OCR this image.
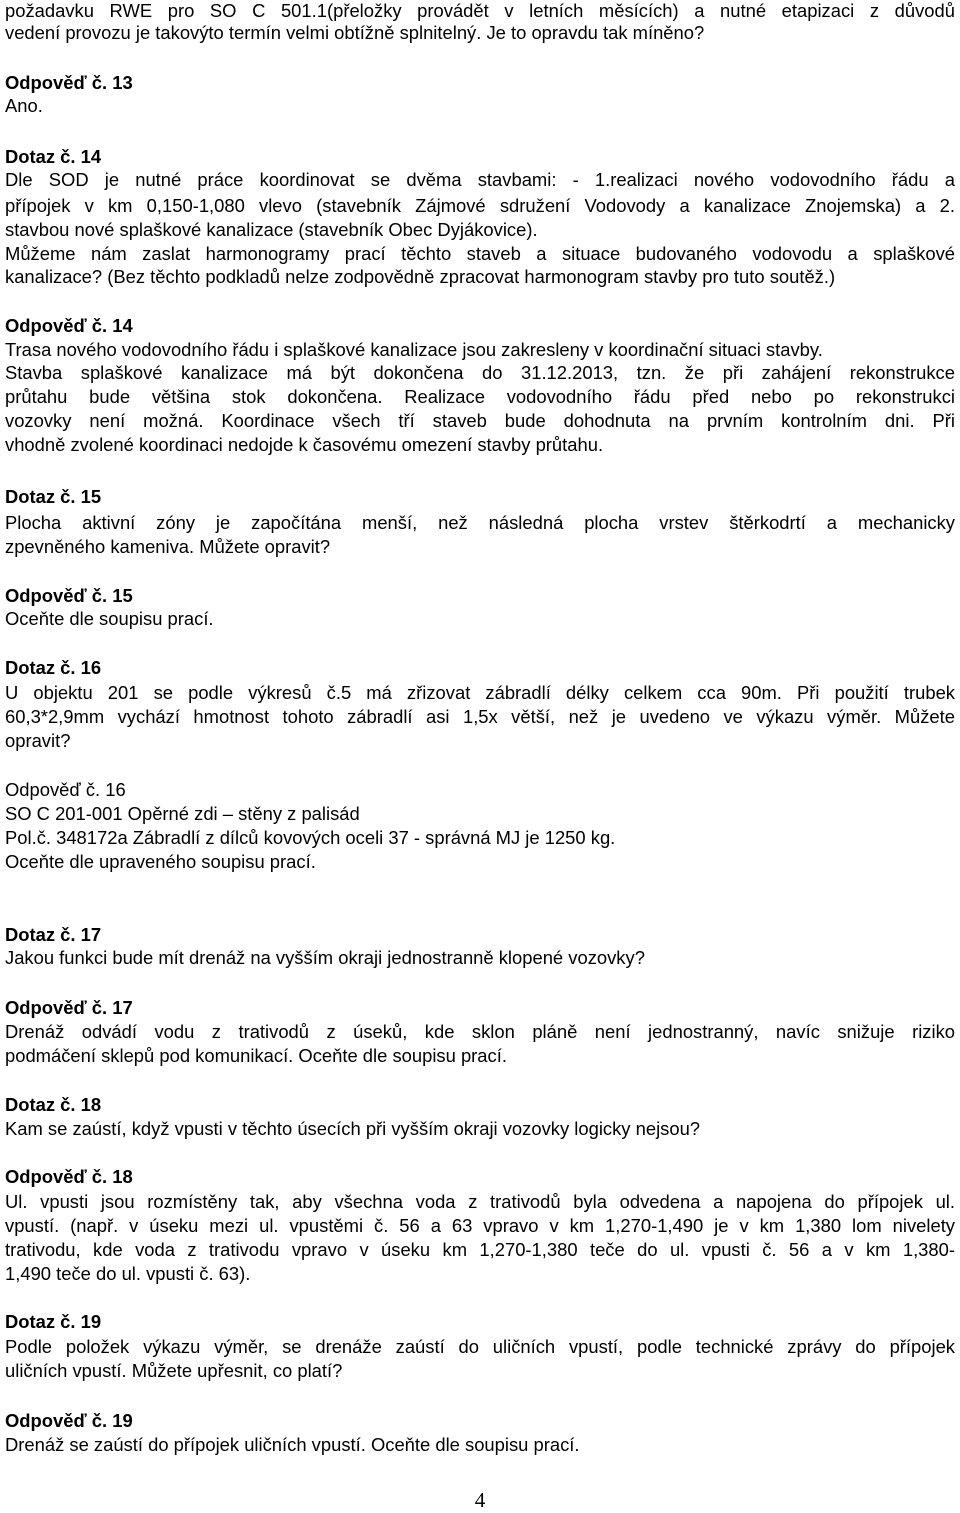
požadavku RWE pro SO C 501.1(přeložky provádět v letních měsících) a nutné etapizaci z důvodů
vedení provozu je takovýto termín velmi obtížně splnitelný. Je to opravdu tak míněno?
Odpověď č. 13
Ano.
Dotaz č. 14
Dle SOD je nutné práce koordinovat se dvěma stavbami: - 1.realizaci nového vodovodního řádu a
přípojek v km 0,150-1,080 vlevo (stavebník Zájmové sdružení Vodovody a kanalizace Znojemska) a 2.
stavbou nové splaškové kanalizace (stavebník Obec Dyjákovice).
Můžeme nám zaslat harmonogramy prací těchto staveb a situace budovaného vodovodu a splaškové
kanalizace? (Bez těchto podkladů nelze zodpovědně zpracovat harmonogram stavby pro tuto soutěž.)
Odpověď č. 14
Trasa nového vodovodního řádu i splaškové kanalizace jsou zakresleny v koordinační situaci stavby.
Stavba splaškové kanalizace má být dokončena do 31.12.2013, tzn. že při zahájení rekonstrukce
průtahu bude většina stok dokončena. Realizace vodovodního řádu před nebo po rekonstrukci
vozovky není možná. Koordinace všech tří staveb bude dohodnuta na prvním kontrolním dni. Při
vhodně zvolené koordinaci nedojde k časovému omezení stavby průtahu.
Dotaz č. 15
Plocha aktivní zóny je započítána menší, než následná plocha vrstev štěrkodrtí a mechanicky
zpevněného kameniva. Můžete opravit?
Odpověď č. 15
Oceňte dle soupisu prací.
Dotaz č. 16
U objektu 201 se podle výkresů č.5 má zřizovat zábradlí délky celkem cca 90m. Při použití trubek
60,3*2,9mm vychází hmotnost tohoto zábradlí asi 1,5x větší, než je uvedeno ve výkazu výměr. Můžete
opravit?
Odpověď č. 16
SO C 201-001 Opěrné zdi – stěny z palisád
Pol.č. 348172a Zábradlí z dílců kovových oceli 37 - správná MJ je 1250 kg.
Oceňte dle upraveného soupisu prací.
Dotaz č. 17
Jakou funkci bude mít drenáž na vyšším okraji jednostranně klopené vozovky?
Odpověď č. 17
Drenáž odvádí vodu z trativodů z úseků, kde sklon pláně není jednostranný, navíc snižuje riziko
podmáčení sklepů pod komunikací. Oceňte dle soupisu prací.
Dotaz č. 18
Kam se zaústí, když vpusti v těchto úsecích při vyšším okraji vozovky logicky nejsou?
Odpověď č. 18
Ul. vpusti jsou rozmístěny tak, aby všechna voda z trativodů byla odvedena a napojena do přípojek ul.
vpustí. (např. v úseku mezi ul. vpustěmi č. 56 a 63 vpravo v km 1,270-1,490 je v km 1,380 lom nivelety
trativodu, kde voda z trativodu vpravo v úseku km 1,270-1,380 teče do ul. vpusti č. 56 a v km 1,380-
1,490 teče do ul. vpusti č. 63).
Dotaz č. 19
Podle položek výkazu výměr, se drenáže zaústí do uličních vpustí, podle technické zprávy do přípojek
uličních vpustí. Můžete upřesnit, co platí?
Odpověď č. 19
Drenáž se zaústí do přípojek uličních vpustí. Oceňte dle soupisu prací.
4
